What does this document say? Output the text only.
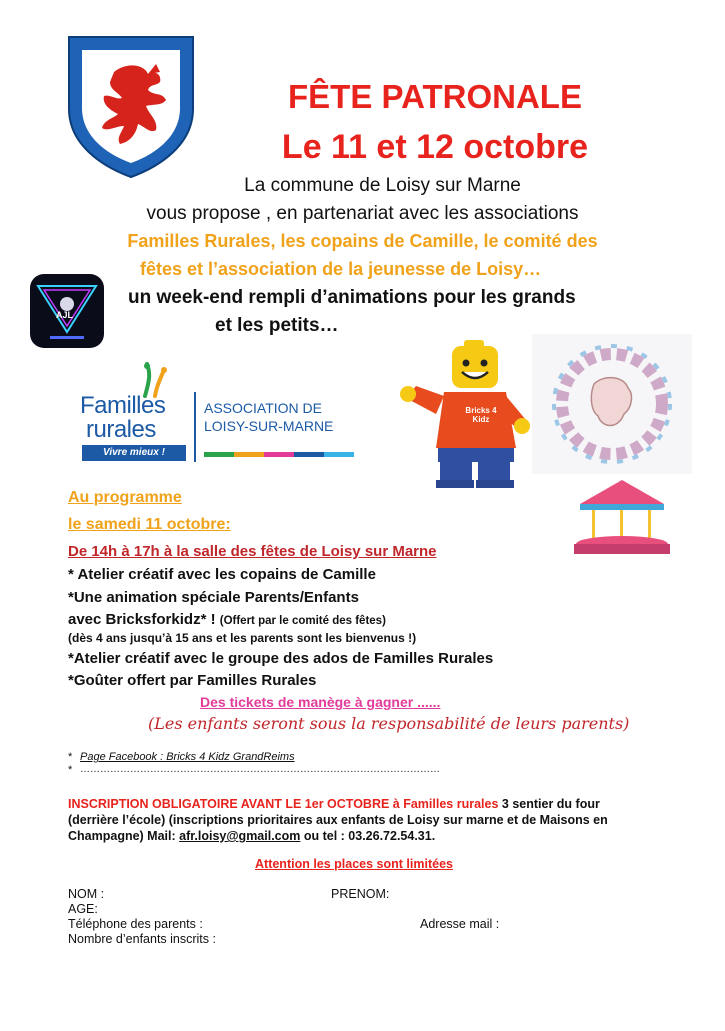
FÊTE PATRONALE
Le 11 et 12 octobre
La commune de Loisy sur Marne
vous propose , en partenariat avec les associations
Familles Rurales, les copains de Camille, le comité des
fêtes et l’association de la jeunesse de Loisy…
un week-end rempli d’animations pour les grands
et les petits…
AJL
Familles
rurales
Vivre mieux !
ASSOCIATION DE
LOISY-SUR-MARNE
Bricks 4 Kidz
Au programme
le samedi 11 octobre:
De 14h à 17h à la salle des fêtes de Loisy sur Marne
* Atelier créatif avec les copains de Camille
*Une animation spéciale Parents/Enfants
avec Bricksforkidz* ! (Offert par le comité des fêtes)
(dès 4 ans jusqu’à 15 ans et les parents sont les bienvenus !)
*Atelier créatif avec le groupe des ados de Familles Rurales
*Goûter offert par Familles Rurales
Des tickets de manège à gagner ......
(Les enfants seront sous la responsabilité de leurs parents)
* Page Facebook : Bricks 4 Kidz GrandReims
* ………………………………………………………………………………………………
INSCRIPTION OBLIGATOIRE AVANT LE 1er OCTOBRE à Familles rurales 3 sentier du four
(derrière l’école) (inscriptions prioritaires aux enfants de Loisy sur marne et de Maisons en
Champagne) Mail: afr.loisy@gmail.com ou tel : 03.26.72.54.31.
Attention les places sont limitées
NOM :	PRENOM:
AGE:
Téléphone des parents :	Adresse mail :
Nombre d’enfants inscrits :
